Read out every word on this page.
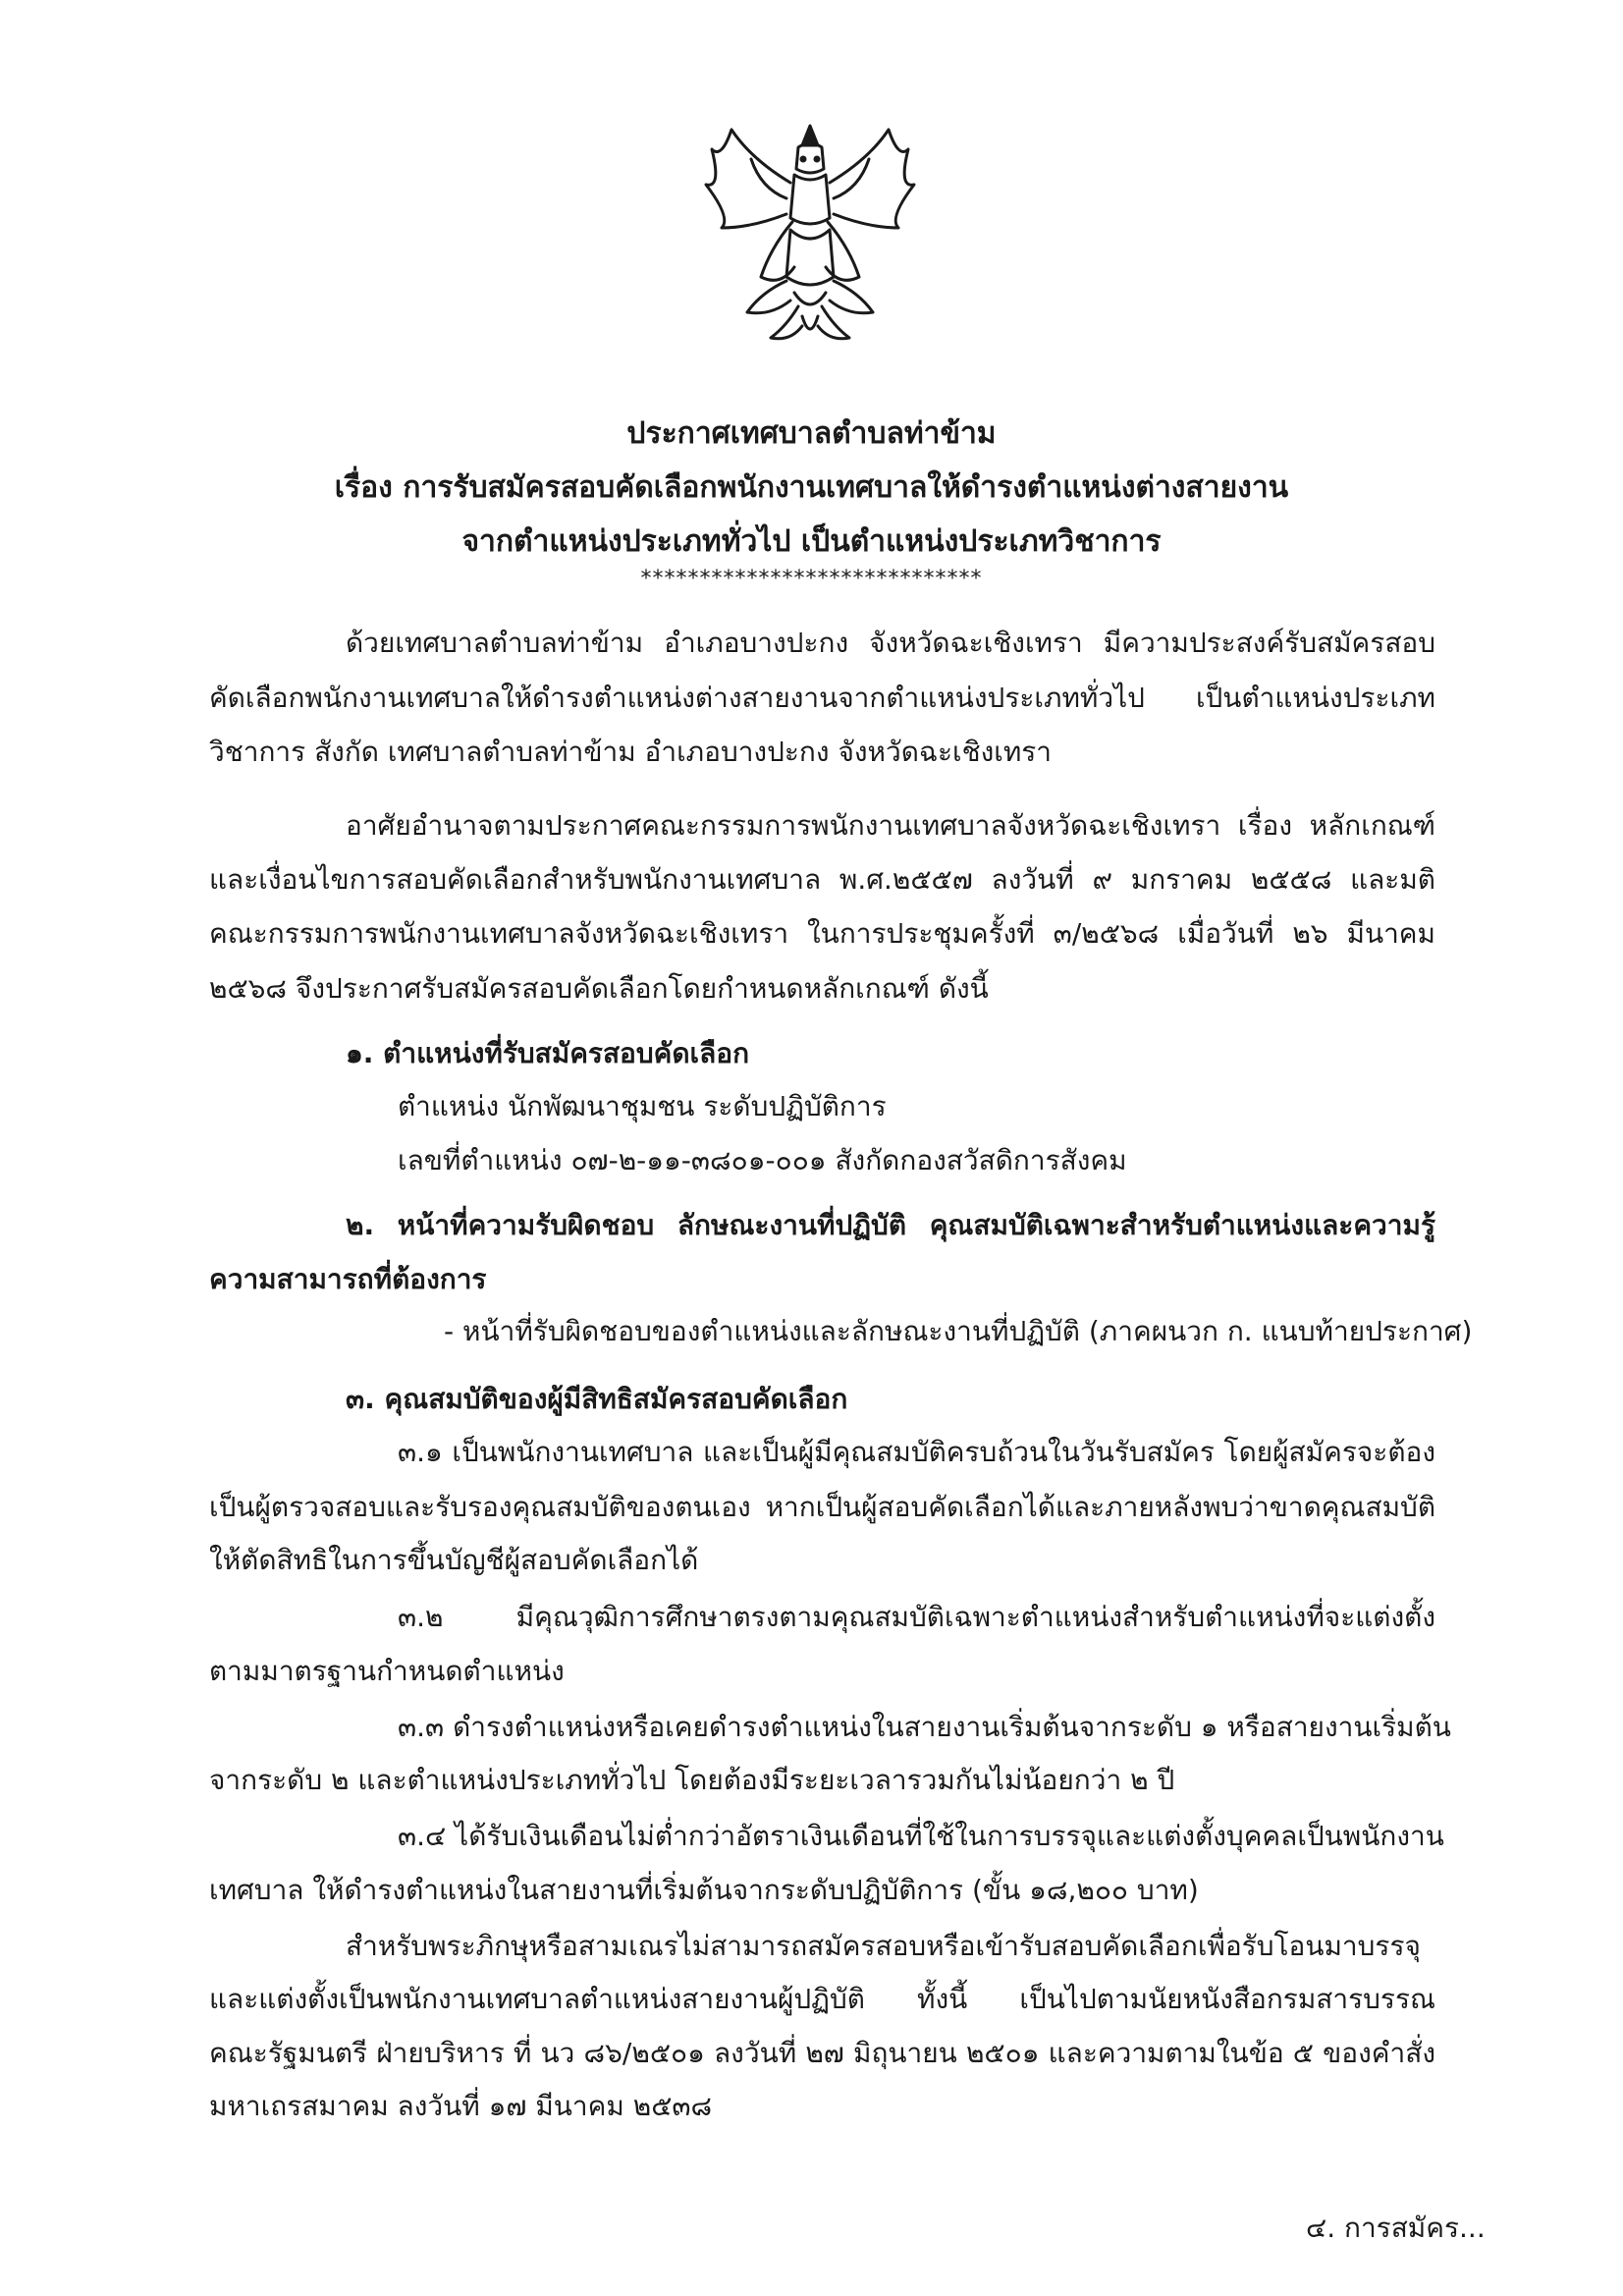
ประกาศเทศบาลตำบลท่าข้าม
เรื่อง การรับสมัครสอบคัดเลือกพนักงานเทศบาลให้ดำรงตำแหน่งต่างสายงาน
จากตำแหน่งประเภททั่วไป เป็นตำแหน่งประเภทวิชาการ
*****************************
ด้วยเทศบาลตำบลท่าข้าม อำเภอบางปะกง จังหวัดฉะเชิงเทรา มีความประสงค์รับสมัครสอบ
คัดเลือกพนักงานเทศบาลให้ดำรงตำแหน่งต่างสายงานจากตำแหน่งประเภททั่วไป เป็นตำแหน่งประเภท
วิชาการ สังกัด เทศบาลตำบลท่าข้าม อำเภอบางปะกง จังหวัดฉะเชิงเทรา
อาศัยอำนาจตามประกาศคณะกรรมการพนักงานเทศบาลจังหวัดฉะเชิงเทรา เรื่อง หลักเกณฑ์
และเงื่อนไขการสอบคัดเลือกสำหรับพนักงานเทศบาล พ.ศ.๒๕๕๗ ลงวันที่ ๙ มกราคม ๒๕๕๘ และมติ
คณะกรรมการพนักงานเทศบาลจังหวัดฉะเชิงเทรา ในการประชุมครั้งที่ ๓/๒๕๖๘ เมื่อวันที่ ๒๖ มีนาคม
๒๕๖๘ จึงประกาศรับสมัครสอบคัดเลือกโดยกำหนดหลักเกณฑ์ ดังนี้
๑. ตำแหน่งที่รับสมัครสอบคัดเลือก
ตำแหน่ง นักพัฒนาชุมชน ระดับปฏิบัติการ
เลขที่ตำแหน่ง ๐๗-๒-๑๑-๓๘๐๑-๐๐๑ สังกัดกองสวัสดิการสังคม
๒. หน้าที่ความรับผิดชอบ ลักษณะงานที่ปฏิบัติ คุณสมบัติเฉพาะสำหรับตำแหน่งและความรู้
ความสามารถที่ต้องการ
- หน้าที่รับผิดชอบของตำแหน่งและลักษณะงานที่ปฏิบัติ (ภาคผนวก ก. แนบท้ายประกาศ)
๓. คุณสมบัติของผู้มีสิทธิสมัครสอบคัดเลือก
๓.๑ เป็นพนักงานเทศบาล และเป็นผู้มีคุณสมบัติครบถ้วนในวันรับสมัคร โดยผู้สมัครจะต้อง
เป็นผู้ตรวจสอบและรับรองคุณสมบัติของตนเอง หากเป็นผู้สอบคัดเลือกได้และภายหลังพบว่าขาดคุณสมบัติ
ให้ตัดสิทธิในการขึ้นบัญชีผู้สอบคัดเลือกได้
๓.๒ มีคุณวุฒิการศึกษาตรงตามคุณสมบัติเฉพาะตำแหน่งสำหรับตำแหน่งที่จะแต่งตั้ง
ตามมาตรฐานกำหนดตำแหน่ง
๓.๓ ดำรงตำแหน่งหรือเคยดำรงตำแหน่งในสายงานเริ่มต้นจากระดับ ๑ หรือสายงานเริ่มต้น
จากระดับ ๒ และตำแหน่งประเภททั่วไป โดยต้องมีระยะเวลารวมกันไม่น้อยกว่า ๒ ปี
๓.๔ ได้รับเงินเดือนไม่ต่ำกว่าอัตราเงินเดือนที่ใช้ในการบรรจุและแต่งตั้งบุคคลเป็นพนักงาน
เทศบาล ให้ดำรงตำแหน่งในสายงานที่เริ่มต้นจากระดับปฏิบัติการ (ขั้น ๑๘,๒๐๐ บาท)
สำหรับพระภิกษุหรือสามเณรไม่สามารถสมัครสอบหรือเข้ารับสอบคัดเลือกเพื่อรับโอนมาบรรจุ
และแต่งตั้งเป็นพนักงานเทศบาลตำแหน่งสายงานผู้ปฏิบัติ ทั้งนี้ เป็นไปตามนัยหนังสือกรมสารบรรณ
คณะรัฐมนตรี ฝ่ายบริหาร ที่ นว ๘๖/๒๕๐๑ ลงวันที่ ๒๗ มิถุนายน ๒๕๐๑ และความตามในข้อ ๕ ของคำสั่ง
มหาเถรสมาคม ลงวันที่ ๑๗ มีนาคม ๒๕๓๘
๔. การสมัคร...
